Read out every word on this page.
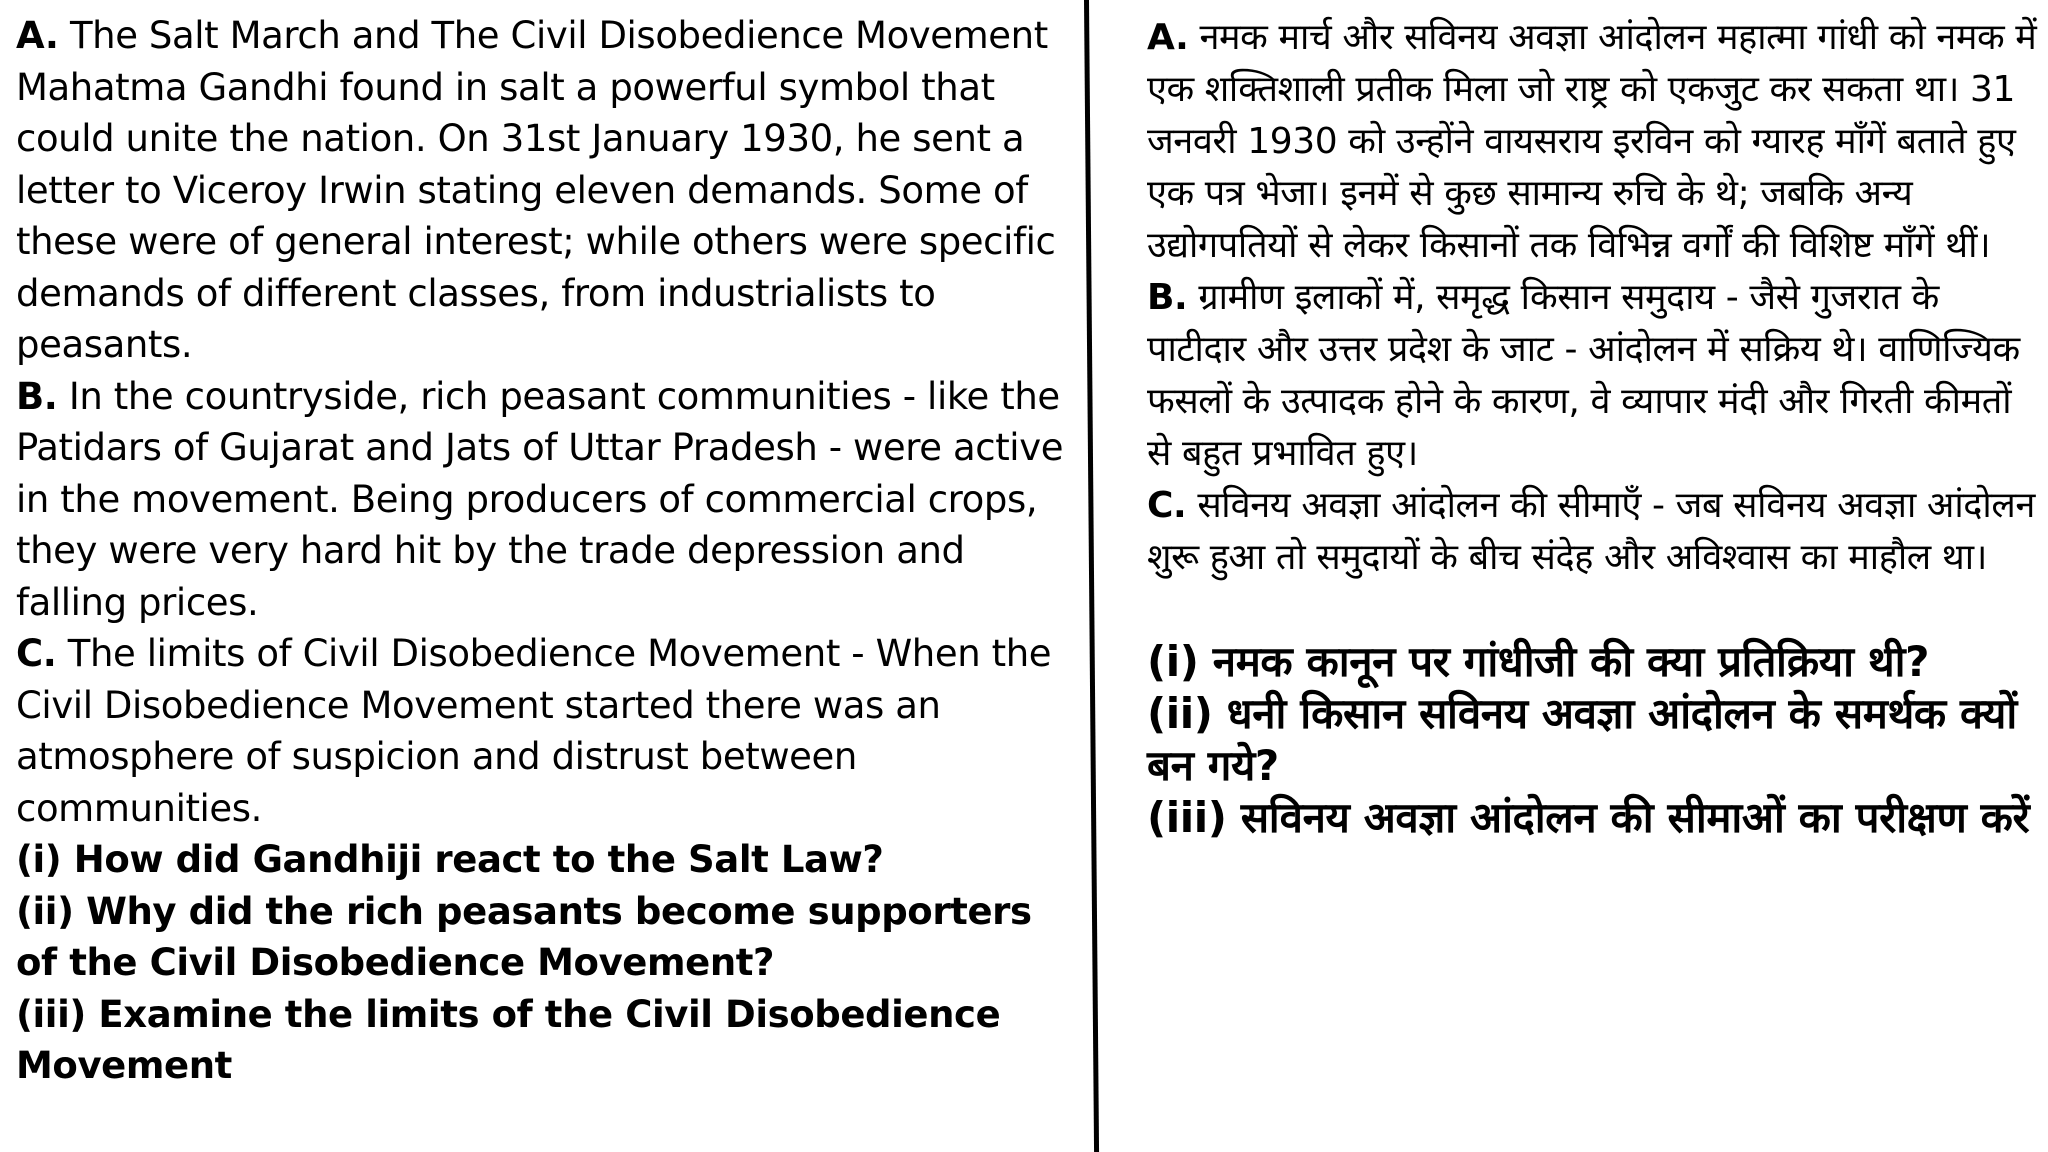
A. The Salt March and The Civil Disobedience Movement Mahatma Gandhi found in salt a powerful symbol that could unite the nation. On 31st January 1930, he sent a letter to Viceroy Irwin stating eleven demands. Some of these were of general interest; while others were specific demands of different classes, from industrialists to peasants.

B. In the countryside, rich peasant communities - like the Patidars of Gujarat and Jats of Uttar Pradesh - were active in the movement. Being producers of commercial crops, they were very hard hit by the trade depression and falling prices.

C. The limits of Civil Disobedience Movement - When the Civil Disobedience Movement started there was an atmosphere of suspicion and distrust between communities.

(i) How did Gandhiji react to the Salt Law?

(ii) Why did the rich peasants become supporters of the Civil Disobedience Movement?

(iii) Examine the limits of the Civil Disobedience Movement

A. नमक मार्च और सविनय अवज्ञा आंदोलन महात्मा गांधी को नमक में एक शक्तिशाली प्रतीक मिला जो राष्ट्र को एकजुट कर सकता था। 31 जनवरी 1930 को उन्होंने वायसराय इरविन को ग्यारह माँगें बताते हुए एक पत्र भेजा। इनमें से कुछ सामान्य रुचि के थे; जबकि अन्य उद्योगपतियों से लेकर किसानों तक विभिन्न वर्गों की विशिष्ट माँगें थीं।

B. ग्रामीण इलाकों में, समृद्ध किसान समुदाय - जैसे गुजरात के पाटीदार और उत्तर प्रदेश के जाट - आंदोलन में सक्रिय थे। वाणिज्यिक फसलों के उत्पादक होने के कारण, वे व्यापार मंदी और गिरती कीमतों से बहुत प्रभावित हुए।

C. सविनय अवज्ञा आंदोलन की सीमाएँ - जब सविनय अवज्ञा आंदोलन शुरू हुआ तो समुदायों के बीच संदेह और अविश्वास का माहौल था।

(i) नमक कानून पर गांधीजी की क्या प्रतिक्रिया थी?

(ii) धनी किसान सविनय अवज्ञा आंदोलन के समर्थक क्यों बन गये?

(iii) सविनय अवज्ञा आंदोलन की सीमाओं का परीक्षण करें
